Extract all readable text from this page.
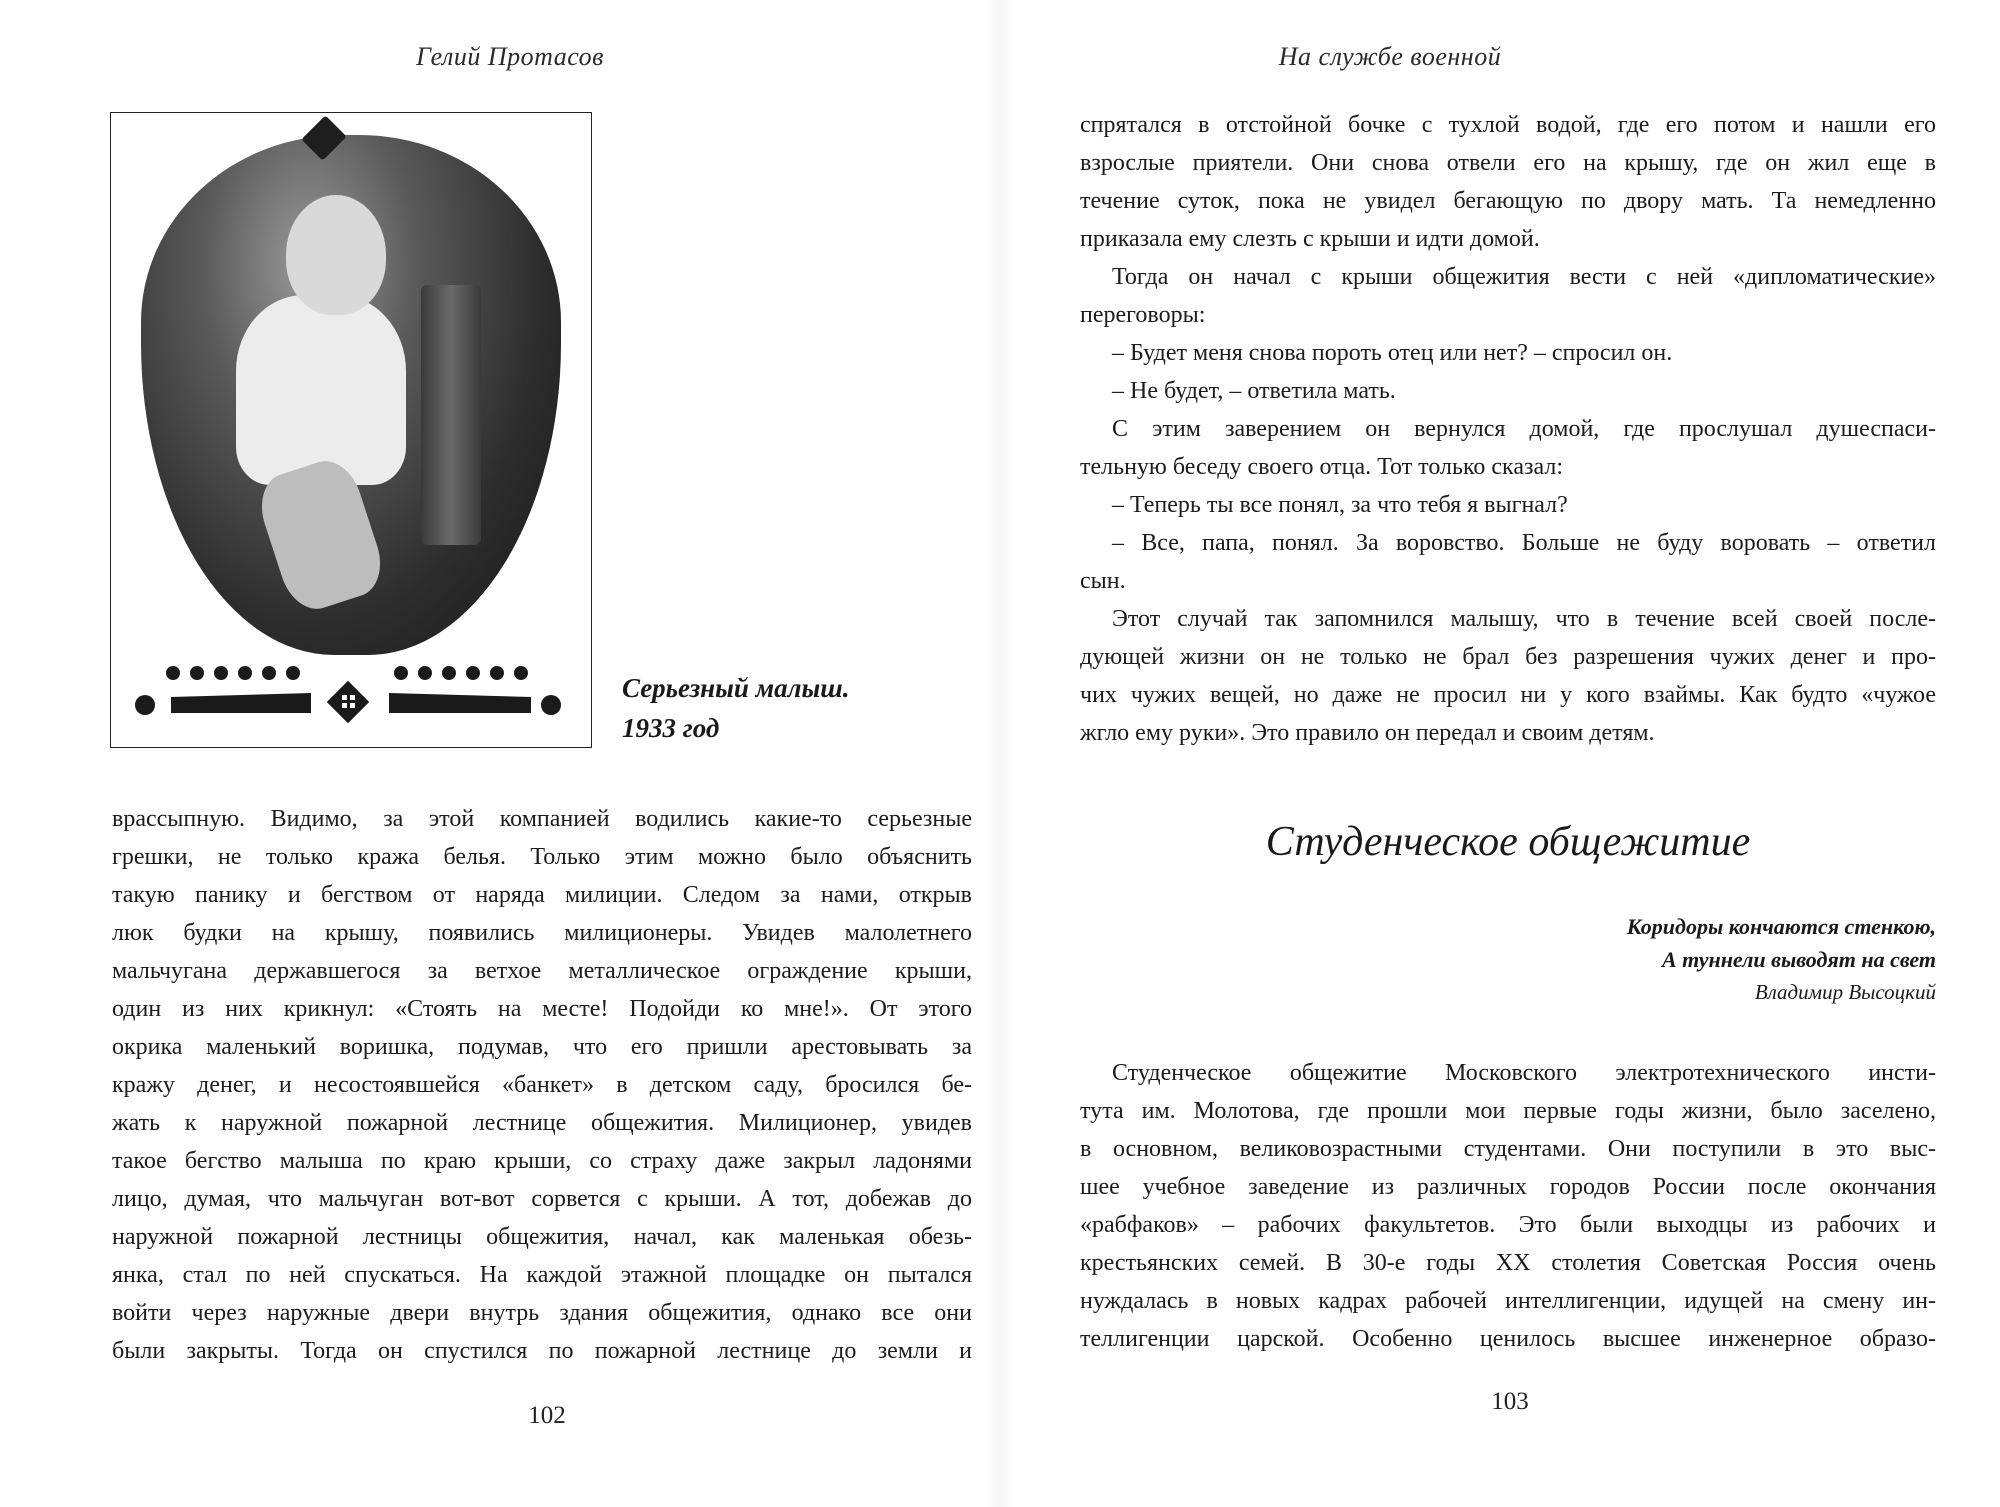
Гелий Протасов
Серьезный малыш.
1933 год

врассыпную. Видимо, за этой компанией водились какие-то серьезные

грешки, не только кража белья. Только этим можно было объяснить

такую панику и бегством от наряда милиции. Следом за нами, открыв

люк будки на крышу, появились милиционеры. Увидев малолетнего

мальчугана державшегося за ветхое металлическое ограждение крыши,

один из них крикнул: «Стоять на месте! Подойди ко мне!». От этого

окрика маленький воришка, подумав, что его пришли арестовывать за

кражу денег, и несостоявшейся «банкет» в детском саду, бросился бе-

жать к наружной пожарной лестнице общежития. Милиционер, увидев

такое бегство малыша по краю крыши, со страху даже закрыл ладонями

лицо, думая, что мальчуган вот-вот сорвется с крыши. А тот, добежав до

наружной пожарной лестницы общежития, начал, как маленькая обезь-

янка, стал по ней спускаться. На каждой этажной площадке он пытался

войти через наружные двери внутрь здания общежития, однако все они

были закрыты. Тогда он спустился по пожарной лестнице до земли и

102
На службе военной

спрятался в отстойной бочке с тухлой водой, где его потом и нашли его

взрослые приятели. Они снова отвели его на крышу, где он жил еще в

течение суток, пока не увидел бегающую по двору мать. Та немедленно

приказала ему слезть с крыши и идти домой.

Тогда он начал с крыши общежития вести с ней «дипломатические»

переговоры:

– Будет меня снова пороть отец или нет? – спросил он.

– Не будет, – ответила мать.

С этим заверением он вернулся домой, где прослушал душеспаси-

тельную беседу своего отца. Тот только сказал:

– Теперь ты все понял, за что тебя я выгнал?

– Все, папа, понял. За воровство. Больше не буду воровать – ответил

сын.

Этот случай так запомнился малышу, что в течение всей своей после-

дующей жизни он не только не брал без разрешения чужих денег и про-

чих чужих вещей, но даже не просил ни у кого взаймы. Как будто «чужое

жгло ему руки». Это правило он передал и своим детям.

Студенческое общежитие
Коридоры кончаются стенкою,
А туннели выводят на свет
Владимир Высоцкий

Студенческое общежитие Московского электротехнического инсти-

тута им. Молотова, где прошли мои первые годы жизни, было заселено,

в основном, великовозрастными студентами. Они поступили в это выс-

шее учебное заведение из различных городов России после окончания

«рабфаков» – рабочих факультетов. Это были выходцы из рабочих и

крестьянских семей. В 30-е годы XX столетия Советская Россия очень

нуждалась в новых кадрах рабочей интеллигенции, идущей на смену ин-

теллигенции царской. Особенно ценилось высшее инженерное образо-

103
